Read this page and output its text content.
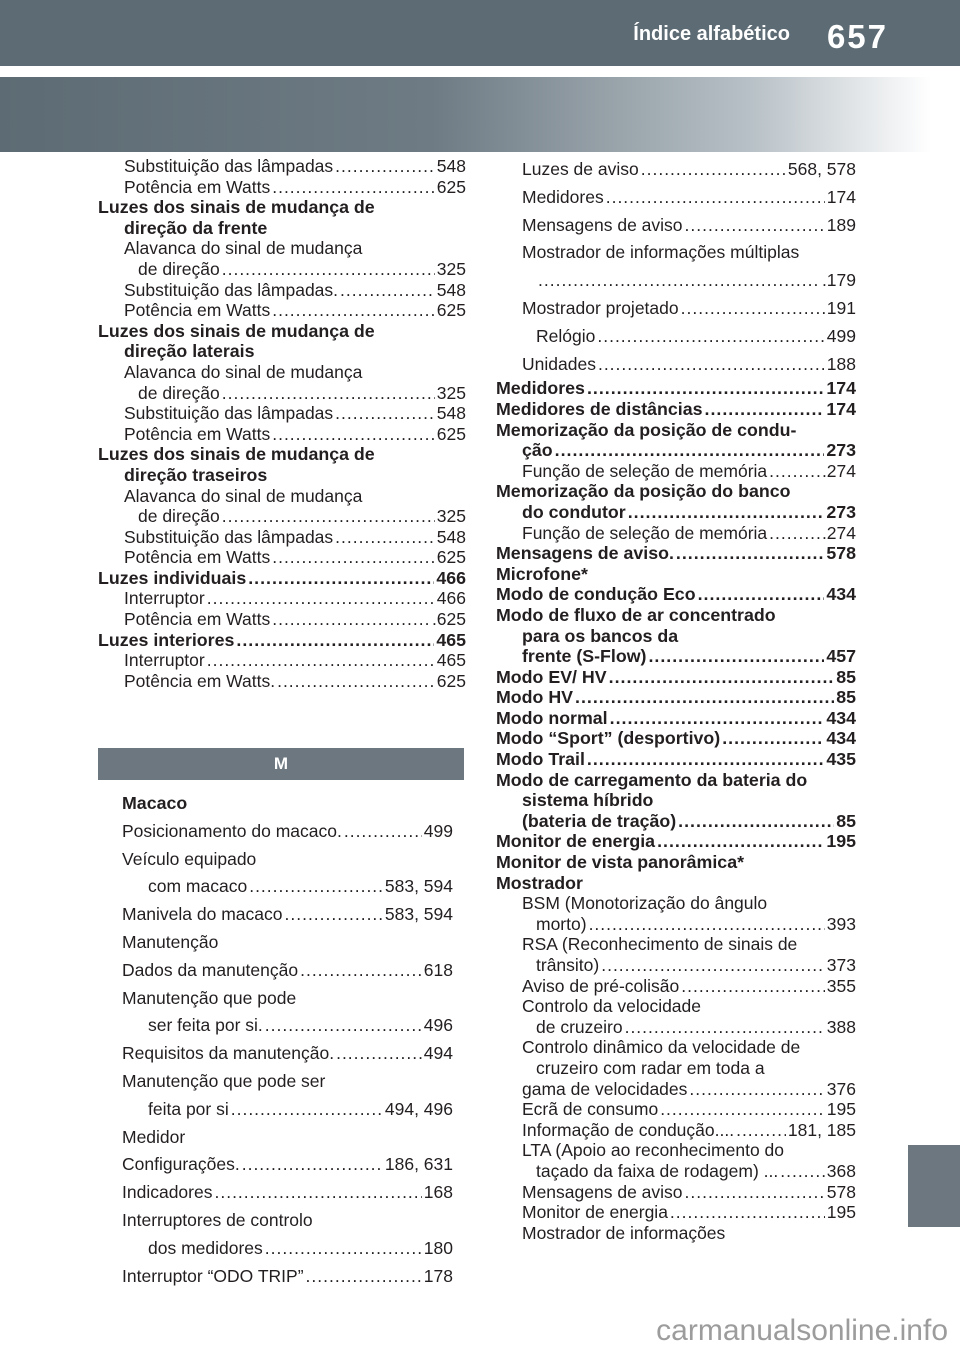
Índice alfabético 657
Substituição das lâmpadas .....	548
Potência em Watts .....	625
Luzes dos sinais de mudança de
direção da frente
Alavanca do sinal de mudança
de direção .....	325
Substituição das lâmpadas. .....	548
Potência em Watts .....	625
Luzes dos sinais de mudança de
direção laterais
Alavanca do sinal de mudança
de direção .....	325
Substituição das lâmpadas .....	548
Potência em Watts .....	625
Luzes dos sinais de mudança de
direção traseiros
Alavanca do sinal de mudança
de direção .....	325
Substituição das lâmpadas .....	548
Potência em Watts .....	625
Luzes individuais .....	466
Interruptor .....	466
Potência em Watts .....	.625
Luzes interiores .....	465
Interruptor .....	465
Potência em Watts. .....	625
M
Macaco
Posicionamento do macaco. .....	499
Veículo equipado
com macaco .....	583, 594
Manivela do macaco .....	583, 594
Manutenção
Dados da manutenção .....	618
Manutenção que pode
ser feita por si. .....	496
Requisitos da manutenção. .....	494
Manutenção que pode ser
feita por si .....	494, 496
Medidor
Configurações. .....	186, 631
Indicadores .....	168
Interruptores de controlo
dos medidores .....	180
Interruptor “ODO TRIP” .....	178
Luzes de aviso .....	568, 578
Medidores .....	174
Mensagens de aviso .....	189
Mostrador de informações múltiplas
.....
.179
Mostrador projetado .....	191
Relógio .....	499
Unidades .....	188
Medidores .....	174
Medidores de distâncias .....	174
Memorização da posição de condu-
ção .....	273
Função de seleção de memória .....	.274
Memorização da posição do banco
do condutor .....	273
Função de seleção de memória .....	.274
Mensagens de aviso. .....	578
Microfone*
Modo de condução Eco .....	434
Modo de fluxo de ar concentrado
para os bancos da
frente (S-Flow) .....	457
Modo EV/ HV .....	85
Modo HV .....	85
Modo normal .....	434
Modo “Sport” (desportivo) .....	434
Modo Trail .....	435
Modo de carregamento da bateria do
sistema híbrido
(bateria de tração) .....	85
Monitor de energia .....	195
Monitor de vista panorâmica*
Mostrador
BSM (Monotorização do ângulo
morto) .....	393
RSA (Reconhecimento de sinais de
trânsito) .....	373
Aviso de pré-colisão .....	355
Controlo da velocidade
de cruzeiro .....	388
Controlo dinâmico da velocidade de
cruzeiro com radar em toda a
gama de velocidades .....	376
Ecrã de consumo .....	195
Informação de condução.... .....	181, 185
LTA (Apoio ao reconhecimento do
taçado da faixa de rodagem) ... .....	368
Mensagens de aviso .....	578
Monitor de energia .....	195
Mostrador de informações
carmanualsonline.info
